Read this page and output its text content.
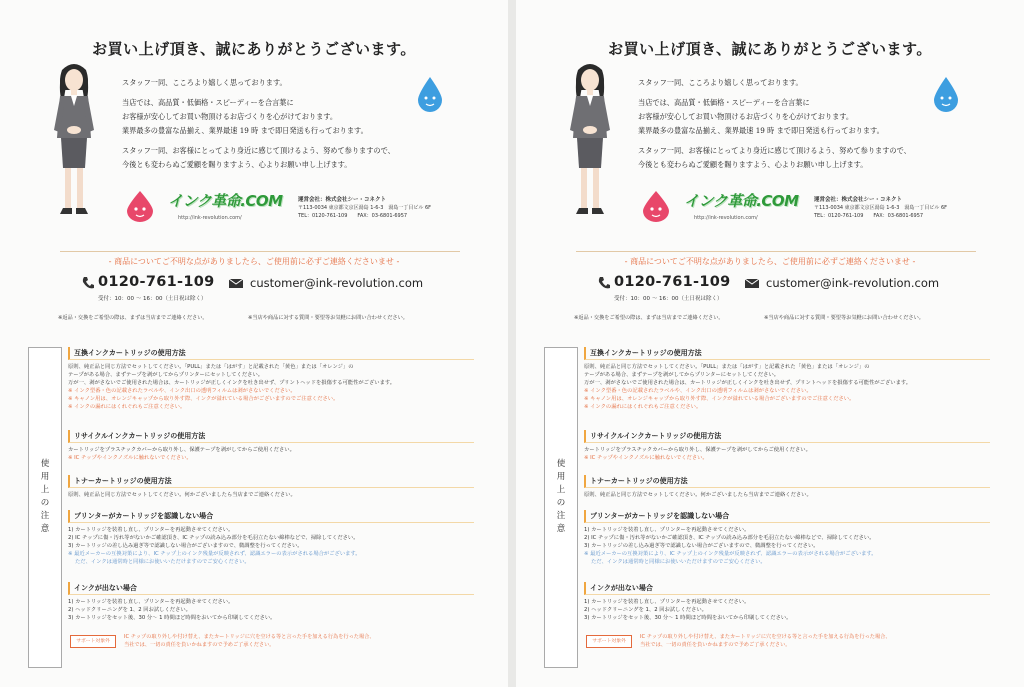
お買い上げ頂き、誠にありがとうございます。

スタッフ一同、こころより嬉しく思っております。

当店では、高品質・低価格・スピーディーを合言葉に
お客様が安心してお買い物頂けるお店づくりを心がけております。

業界最多の豊富な品揃え、業界最速 19 時 まで即日発送も行っております。

スタッフ一同、お客様にとってより身近に感じて頂けるよう、努めて参りますので、
今後とも変わらぬご愛顧を賜りますよう、心よりお願い申し上げます。
インク革命.COM
http://ink-revolution.com/
運営会社：株式会社シー・コネクト
〒113-0034 東京都文京区湯島 1-6-3　湯島一丁目ビル 6F
TEL：0120-761-109　　FAX：03-6801-6957
- 商品についてご不明な点がありましたら、ご使用前に必ずご連絡くださいませ -
0120-761-109	customer@ink-revolution.com
受付：10：00 〜 16：00（土日祝は除く）
※返品・交換をご希望の際は、まずは当店までご連絡ください。	※当店や商品に対する質問・要望等お気軽にお問い合わせください。
使
用
上
の
注
意
互換インクカートリッジの使用方法
原則、純正品と同じ方法でセットしてください。「PULL」または「はがす」と記載された「黄色」または「オレンジ」の
テープがある場合、まずテープを剥がしてからプリンターにセットしてください。
万が一、剥がさないでご使用された場合は、カートリッジが正しくインクを吐き出せず、プリントヘッドを損傷する可能性がございます。
※ インク型番・色の記載されたラベルや、インク出口の透明フィルムは剥がさないでください。
※ キャノン用は、オレンジキャップから取り外す際、インクが溢れている場合がございますのでご注意ください。
※ インクの漏れにはくれぐれもご注意ください。
リサイクルインクカートリッジの使用方法
カートリッジをプラスチックカバーから取り外し、保護テープを剥がしてからご使用ください。
※ IC チップやインクノズルに触れないでください。
トナーカートリッジの使用方法
原則、純正品と同じ方法でセットしてください。何かございましたら当店までご連絡ください。
プリンターがカートリッジを認識しない場合
1) カートリッジを装着し直し、プリンターを再起動させてください。
2) IC チップに傷・汚れ等がないかご確認頂き、IC チップの読み込み部分を毛羽立たない綿棒などで、掃除してください。
3) カートリッジの差し込み過ぎ等で認識しない場合がございますので、微調整を行ってください。
※ 最近メーカーの互換対策により、IC チップ上のインク残量が反映されず、認識エラーの表示がされる場合がございます。
　 ただ、インクは通常時と同様にお使いいただけますのでご安心ください。
インクが出ない場合
1) カートリッジを装着し直し、プリンターを再起動させてください。
2) ヘッドクリーニングを 1、2 回お試しください。
3) カートリッジをセット後、30 分〜 1 時間ほど時間をおいてから印刷してください。
サポート対象外
IC チップの取り外しや付け替え、またカートリッジに穴を空ける等と言った手を加える行為を行った場合、
当社では、一切の責任を負いかねますので予めご了承ください。
お買い上げ頂き、誠にありがとうございます。

スタッフ一同、こころより嬉しく思っております。

当店では、高品質・低価格・スピーディーを合言葉に
お客様が安心してお買い物頂けるお店づくりを心がけております。

業界最多の豊富な品揃え、業界最速 19 時 まで即日発送も行っております。

スタッフ一同、お客様にとってより身近に感じて頂けるよう、努めて参りますので、
今後とも変わらぬご愛顧を賜りますよう、心よりお願い申し上げます。
インク革命.COM
http://ink-revolution.com/
運営会社：株式会社シー・コネクト
〒113-0034 東京都文京区湯島 1-6-3　湯島一丁目ビル 6F
TEL：0120-761-109　　FAX：03-6801-6957
- 商品についてご不明な点がありましたら、ご使用前に必ずご連絡くださいませ -
0120-761-109	customer@ink-revolution.com
受付：10：00 〜 16：00（土日祝は除く）
※返品・交換をご希望の際は、まずは当店までご連絡ください。	※当店や商品に対する質問・要望等お気軽にお問い合わせください。
使
用
上
の
注
意
互換インクカートリッジの使用方法
原則、純正品と同じ方法でセットしてください。「PULL」または「はがす」と記載された「黄色」または「オレンジ」の
テープがある場合、まずテープを剥がしてからプリンターにセットしてください。
万が一、剥がさないでご使用された場合は、カートリッジが正しくインクを吐き出せず、プリントヘッドを損傷する可能性がございます。
※ インク型番・色の記載されたラベルや、インク出口の透明フィルムは剥がさないでください。
※ キャノン用は、オレンジキャップから取り外す際、インクが溢れている場合がございますのでご注意ください。
※ インクの漏れにはくれぐれもご注意ください。
リサイクルインクカートリッジの使用方法
カートリッジをプラスチックカバーから取り外し、保護テープを剥がしてからご使用ください。
※ IC チップやインクノズルに触れないでください。
トナーカートリッジの使用方法
原則、純正品と同じ方法でセットしてください。何かございましたら当店までご連絡ください。
プリンターがカートリッジを認識しない場合
1) カートリッジを装着し直し、プリンターを再起動させてください。
2) IC チップに傷・汚れ等がないかご確認頂き、IC チップの読み込み部分を毛羽立たない綿棒などで、掃除してください。
3) カートリッジの差し込み過ぎ等で認識しない場合がございますので、微調整を行ってください。
※ 最近メーカーの互換対策により、IC チップ上のインク残量が反映されず、認識エラーの表示がされる場合がございます。
　 ただ、インクは通常時と同様にお使いいただけますのでご安心ください。
インクが出ない場合
1) カートリッジを装着し直し、プリンターを再起動させてください。
2) ヘッドクリーニングを 1、2 回お試しください。
3) カートリッジをセット後、30 分〜 1 時間ほど時間をおいてから印刷してください。
サポート対象外
IC チップの取り外しや付け替え、またカートリッジに穴を空ける等と言った手を加える行為を行った場合、
当社では、一切の責任を負いかねますので予めご了承ください。
